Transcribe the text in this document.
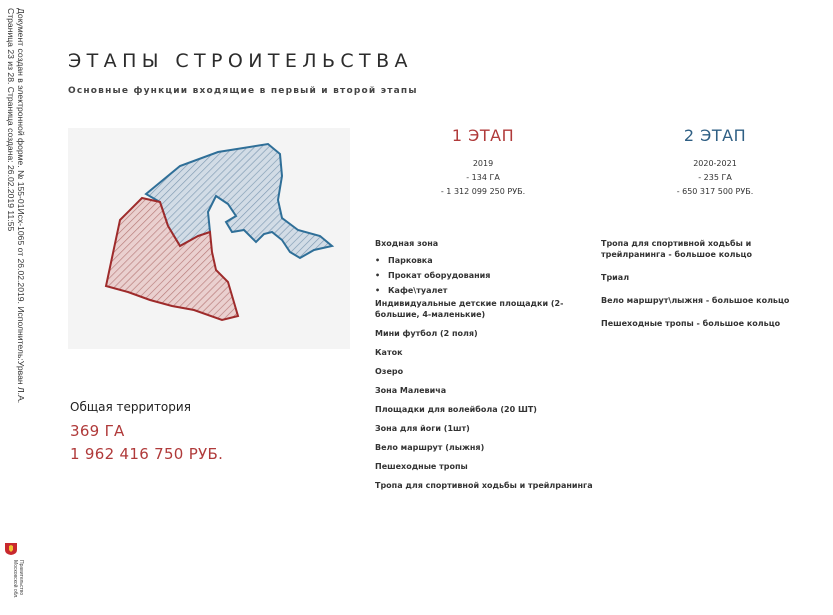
Документ создан в электронной форме. № 155-01Исх-1065 от 26.02.2019. Исполнитель:Урван Л.А.
Страница 23 из 28. Страница создана: 26.02.2019 11:55
Правительство
Московской обл.
ЭТАПЫ СТРОИТЕЛЬСТВА
Основные функции входящие в первый и второй этапы
Общая территория
369 ГА
1 962 416 750 РУБ.
1 ЭТАП
2019
- 134 ГА
- 1 312 099 250 РУБ.
2 ЭТАП
2020-2021
- 235 ГА
- 650 317 500 РУБ.
Входная зона
• Парковка
• Прокат оборудования
• Кафе\туалет
Индивидуальные детские площадки (2-большие, 4-маленькие)
Мини футбол (2 поля)
Каток
Озеро
Зона Малевича
Площадки для волейбола (20 ШТ)
Зона для йоги (1шт)
Вело маршрут (лыжня)
Пешеходные тропы
Тропа для спортивной ходьбы и трейлранинга
Тропа для спортивной ходьбы и трейлранинга - большое кольцо
Триал
Вело маршрут\лыжня - большое кольцо
Пешеходные тропы - большое кольцо
